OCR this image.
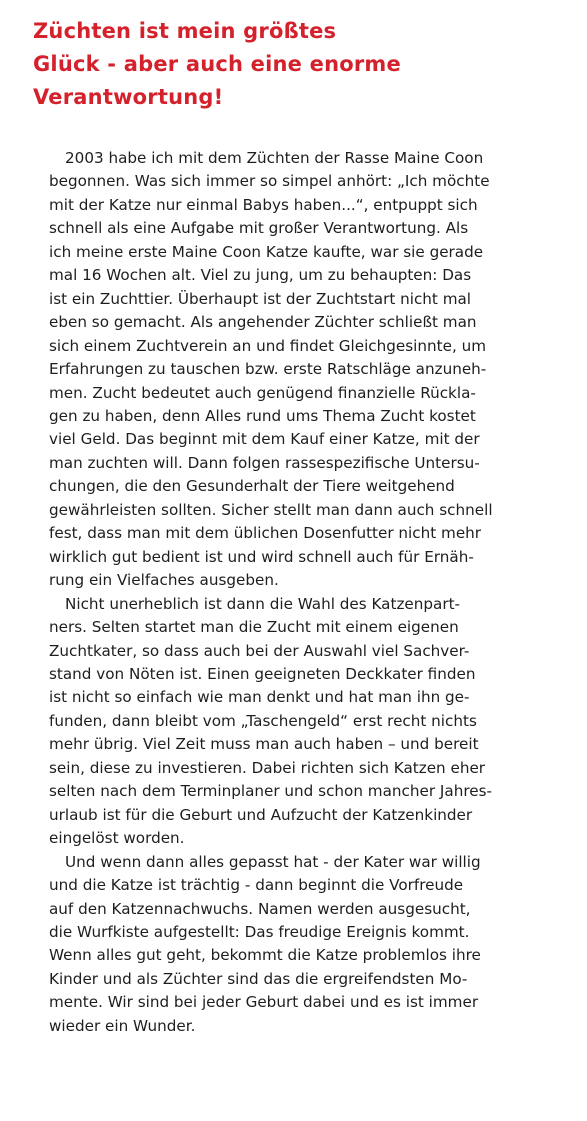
Züchten ist mein größtes
Glück - aber auch eine enorme
Verantwortung!

2003 habe ich mit dem Züchten der Rasse Maine Coon
begonnen. Was sich immer so simpel anhört: „Ich möchte
mit der Katze nur einmal Babys haben...“, entpuppt sich
schnell als eine Aufgabe mit großer Verantwortung. Als
ich meine erste Maine Coon Katze kaufte, war sie gerade
mal 16 Wochen alt. Viel zu jung, um zu behaupten: Das
ist ein Zuchttier. Überhaupt ist der Zuchtstart nicht mal
eben so gemacht. Als angehender Züchter schließt man
sich einem Zuchtverein an und findet Gleichgesinnte, um
Erfahrungen zu tauschen bzw. erste Ratschläge anzuneh-
men. Zucht bedeutet auch genügend finanzielle Rückla-
gen zu haben, denn Alles rund ums Thema Zucht kostet
viel Geld. Das beginnt mit dem Kauf einer Katze, mit der
man zuchten will. Dann folgen rassespezifische Untersu-
chungen, die den Gesunderhalt der Tiere weitgehend
gewährleisten sollten. Sicher stellt man dann auch schnell
fest, dass man mit dem üblichen Dosenfutter nicht mehr
wirklich gut bedient ist und wird schnell auch für Ernäh-
rung ein Vielfaches ausgeben.

Nicht unerheblich ist dann die Wahl des Katzenpart-
ners. Selten startet man die Zucht mit einem eigenen
Zuchtkater, so dass auch bei der Auswahl viel Sachver-
stand von Nöten ist. Einen geeigneten Deckkater finden
ist nicht so einfach wie man denkt und hat man ihn ge-
funden, dann bleibt vom „Taschengeld“ erst recht nichts
mehr übrig. Viel Zeit muss man auch haben – und bereit
sein, diese zu investieren. Dabei richten sich Katzen eher
selten nach dem Terminplaner und schon mancher Jahres-
urlaub ist für die Geburt und Aufzucht der Katzenkinder
eingelöst worden.

Und wenn dann alles gepasst hat - der Kater war willig
und die Katze ist trächtig - dann beginnt die Vorfreude
auf den Katzennachwuchs. Namen werden ausgesucht,
die Wurfkiste aufgestellt: Das freudige Ereignis kommt.
Wenn alles gut geht, bekommt die Katze problemlos ihre
Kinder und als Züchter sind das die ergreifendsten Mo-
mente. Wir sind bei jeder Geburt dabei und es ist immer
wieder ein Wunder.
